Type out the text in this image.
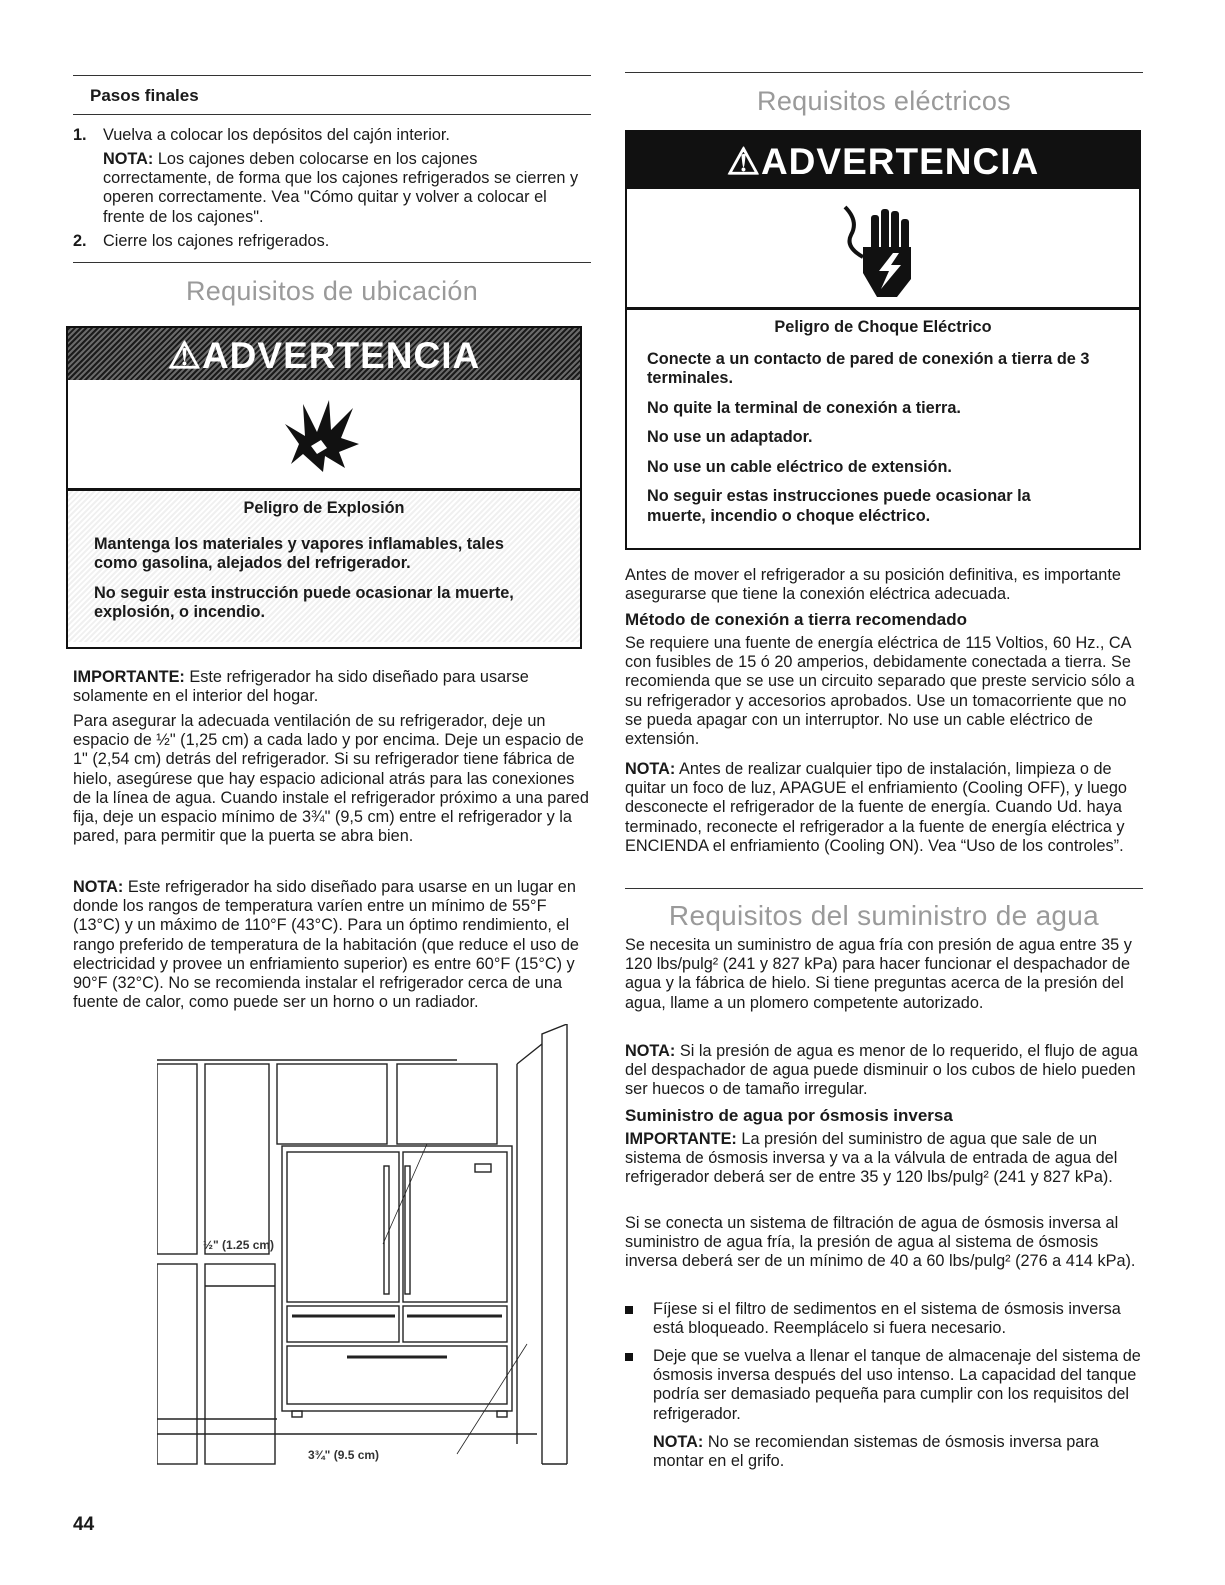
Pasos finales
1. Vuelva a colocar los depósitos del cajón interior.
NOTA: Los cajones deben colocarse en los cajones correctamente, de forma que los cajones refrigerados se cierren y operen correctamente. Vea "Cómo quitar y volver a colocar el frente de los cajones".
2. Cierre los cajones refrigerados.
Requisitos de ubicación
⚠ADVERTENCIA

Peligro de Explosión

Mantenga los materiales y vapores inflamables, tales como gasolina, alejados del refrigerador.

No seguir esta instrucción puede ocasionar la muerte, explosión, o incendio.

IMPORTANTE: Este refrigerador ha sido diseñado para usarse solamente en el interior del hogar.
Para asegurar la adecuada ventilación de su refrigerador, deje un espacio de ½" (1,25 cm) a cada lado y por encima. Deje un espacio de 1" (2,54 cm) detrás del refrigerador. Si su refrigerador tiene fábrica de hielo, asegúrese que hay espacio adicional atrás para las conexiones de la línea de agua. Cuando instale el refrigerador próximo a una pared fija, deje un espacio mínimo de 3¾" (9,5 cm) entre el refrigerador y la pared, para permitir que la puerta se abra bien.
NOTA: Este refrigerador ha sido diseñado para usarse en un lugar en donde los rangos de temperatura varíen entre un mínimo de 55°F (13°C) y un máximo de 110°F (43°C). Para un óptimo rendimiento, el rango preferido de temperatura de la habitación (que reduce el uso de electricidad y provee un enfriamiento superior) es entre 60°F (15°C) y 90°F (32°C). No se recomienda instalar el refrigerador cerca de una fuente de calor, como puede ser un horno o un radiador.
½" (1.25 cm)
3¾" (9.5 cm)
44
Requisitos eléctricos
⚠ADVERTENCIA

Peligro de Choque Eléctrico

Conecte a un contacto de pared de conexión a tierra de 3 terminales.

No quite la terminal de conexión a tierra.

No use un adaptador.

No use un cable eléctrico de extensión.

No seguir estas instrucciones puede ocasionar la muerte, incendio o choque eléctrico.

Antes de mover el refrigerador a su posición definitiva, es importante asegurarse que tiene la conexión eléctrica adecuada.
Método de conexión a tierra recomendado
Se requiere una fuente de energía eléctrica de 115 Voltios, 60 Hz., CA con fusibles de 15 ó 20 amperios, debidamente conectada a tierra. Se recomienda que se use un circuito separado que preste servicio sólo a su refrigerador y accesorios aprobados. Use un tomacorriente que no se pueda apagar con un interruptor. No use un cable eléctrico de extensión.
NOTA: Antes de realizar cualquier tipo de instalación, limpieza o de quitar un foco de luz, APAGUE el enfriamiento (Cooling OFF), y luego desconecte el refrigerador de la fuente de energía. Cuando Ud. haya terminado, reconecte el refrigerador a la fuente de energía eléctrica y ENCIENDA el enfriamiento (Cooling ON). Vea “Uso de los controles”.
Requisitos del suministro de agua
Se necesita un suministro de agua fría con presión de agua entre 35 y 120 lbs/pulg² (241 y 827 kPa) para hacer funcionar el despachador de agua y la fábrica de hielo. Si tiene preguntas acerca de la presión del agua, llame a un plomero competente autorizado.
NOTA: Si la presión de agua es menor de lo requerido, el flujo de agua del despachador de agua puede disminuir o los cubos de hielo pueden ser huecos o de tamaño irregular.
Suministro de agua por ósmosis inversa
IMPORTANTE: La presión del suministro de agua que sale de un sistema de ósmosis inversa y va a la válvula de entrada de agua del refrigerador deberá ser de entre 35 y 120 lbs/pulg² (241 y 827 kPa).
Si se conecta un sistema de filtración de agua de ósmosis inversa al suministro de agua fría, la presión de agua al sistema de ósmosis inversa deberá ser de un mínimo de 40 a 60 lbs/pulg² (276 a 414 kPa).
Fíjese si el filtro de sedimentos en el sistema de ósmosis inversa está bloqueado. Reemplácelo si fuera necesario.
Deje que se vuelva a llenar el tanque de almacenaje del sistema de ósmosis inversa después del uso intenso. La capacidad del tanque podría ser demasiado pequeña para cumplir con los requisitos del refrigerador.
NOTA: No se recomiendan sistemas de ósmosis inversa para montar en el grifo.
